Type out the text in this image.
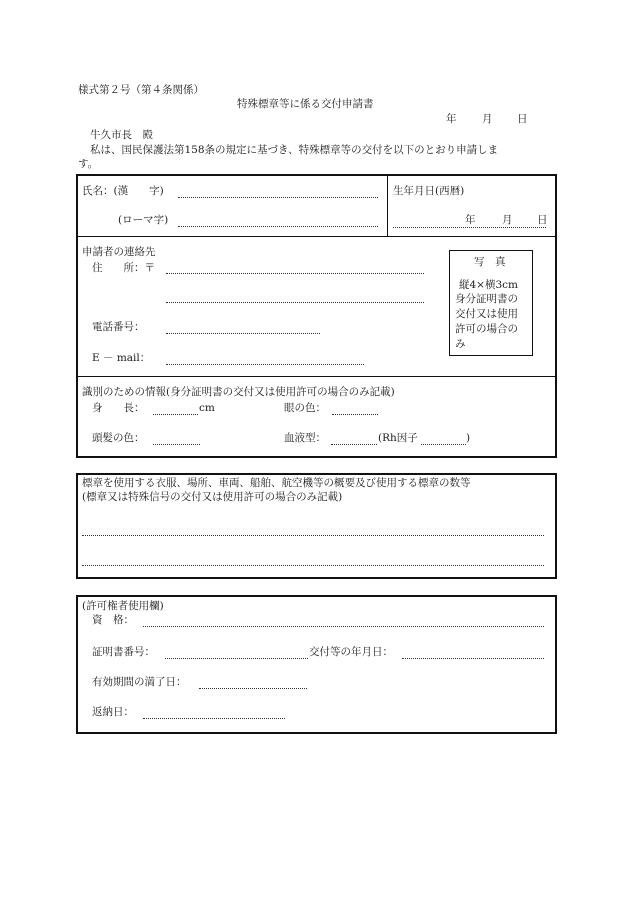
様式第２号（第４条関係）
特殊標章等に係る交付申請書
年 月 日
牛久市長　殿
私は、国民保護法第158条の規定に基づき、特殊標章等の交付を以下のとおり申請しま
す。
氏名：(漢　　字)
(ローマ字)
生年月日(西暦)
年	月 日
申請者の連絡先
住　　所：〒
電話番号：
E － mail：
写　真
縦4×横3cm
身分証明書の
交付又は使用
許可の場合の
み
識別のための情報(身分証明書の交付又は使用許可の場合のみ記載)
身　　長：	cm	眼の色：
頭髪の色：	血液型：	(Rh因子	)
標章を使用する衣服、場所、車両、船舶、航空機等の概要及び使用する標章の数等
(標章又は特殊信号の交付又は使用許可の場合のみ記載)
(許可権者使用欄)
資　格：
証明書番号：	交付等の年月日：
有効期間の満了日：
返納日：
